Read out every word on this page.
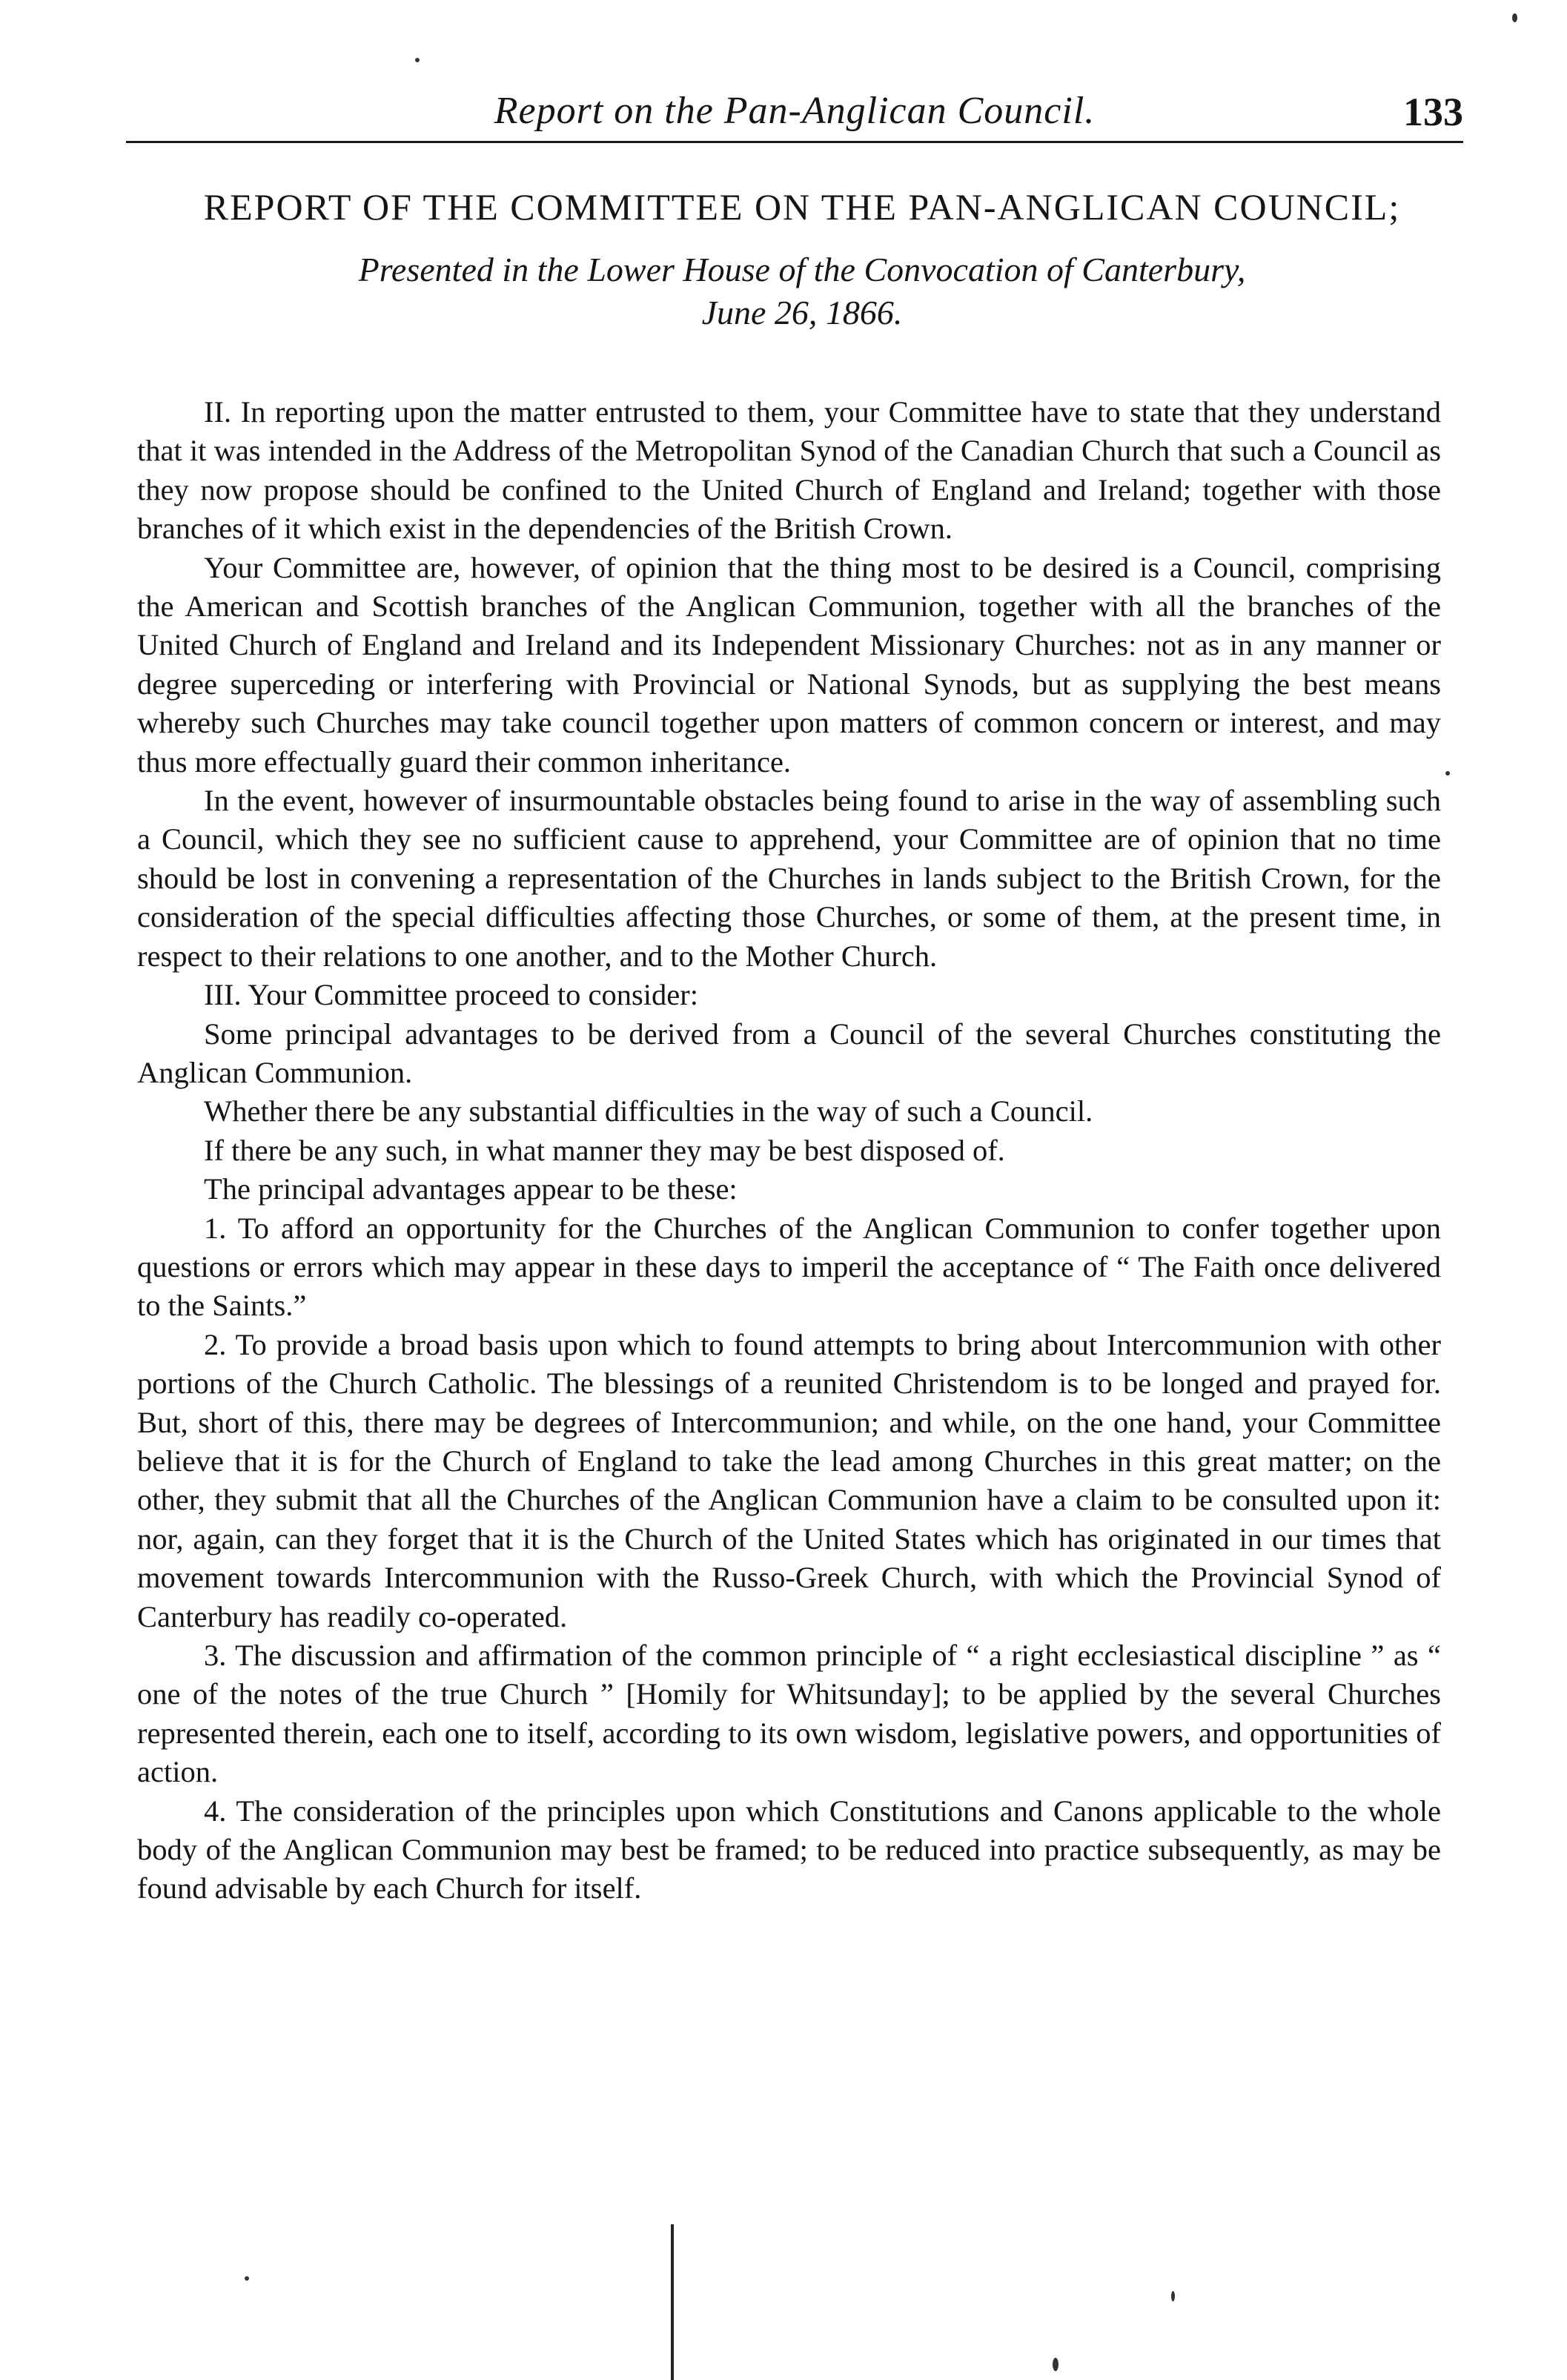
Report on the Pan-Anglican Council.	133
REPORT OF THE COMMITTEE ON THE PAN-ANGLICAN COUNCIL;
Presented in the Lower House of the Convocation of Canterbury,
June 26, 1866.

II. In reporting upon the matter entrusted to them, your Committee have to state that they understand that it was intended in the Address of the Metropolitan Synod of the Canadian Church that such a Council as they now propose should be confined to the United Church of England and Ireland; together with those branches of it which exist in the dependencies of the British Crown.

Your Committee are, however, of opinion that the thing most to be desired is a Council, comprising the American and Scottish branches of the Anglican Communion, together with all the branches of the United Church of England and Ireland and its Independent Missionary Churches: not as in any manner or degree superceding or interfering with Provincial or National Synods, but as supplying the best means whereby such Churches may take council together upon matters of common concern or interest, and may thus more effectually guard their common inheritance.

In the event, however of insurmountable obstacles being found to arise in the way of assembling such a Council, which they see no sufficient cause to apprehend, your Committee are of opinion that no time should be lost in convening a representation of the Churches in lands subject to the British Crown, for the consideration of the special difficulties affecting those Churches, or some of them, at the present time, in respect to their relations to one another, and to the Mother Church.

III. Your Committee proceed to consider:

Some principal advantages to be derived from a Council of the several Churches constituting the Anglican Communion.

Whether there be any substantial difficulties in the way of such a Council.

If there be any such, in what manner they may be best disposed of.

The principal advantages appear to be these:

1. To afford an opportunity for the Churches of the Anglican Communion to confer together upon questions or errors which may appear in these days to imperil the acceptance of “ The Faith once delivered to the Saints.”

2. To provide a broad basis upon which to found attempts to bring about Intercommunion with other portions of the Church Catholic. The blessings of a reunited Christendom is to be longed and prayed for. But, short of this, there may be degrees of Intercommunion; and while, on the one hand, your Committee believe that it is for the Church of England to take the lead among Churches in this great matter; on the other, they submit that all the Churches of the Anglican Communion have a claim to be consulted upon it: nor, again, can they forget that it is the Church of the United States which has originated in our times that movement towards Intercommunion with the Russo-Greek Church, with which the Provincial Synod of Canterbury has readily co-operated.

3. The discussion and affirmation of the common principle of “ a right ecclesiastical discipline ” as “ one of the notes of the true Church ” [Homily for Whitsunday]; to be applied by the several Churches represented therein, each one to itself, according to its own wisdom, legislative powers, and opportunities of action.

4. The consideration of the principles upon which Constitutions and Canons applicable to the whole body of the Anglican Communion may best be framed; to be reduced into practice subsequently, as may be found advisable by each Church for itself.
